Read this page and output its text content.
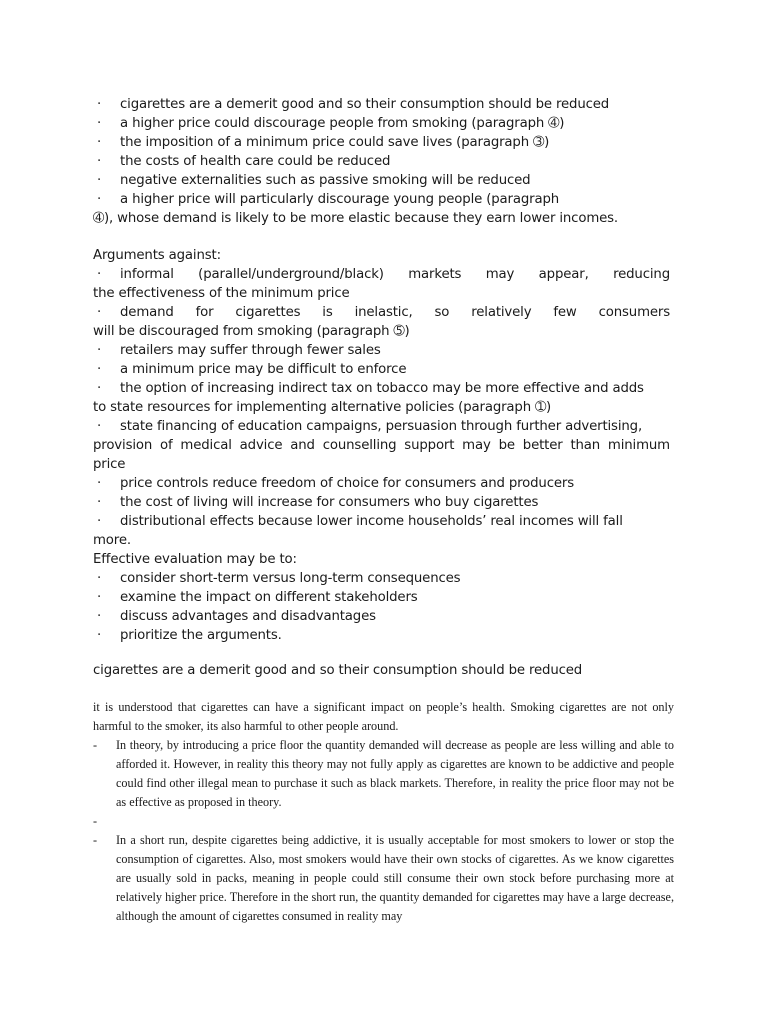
· cigarettes are a demerit good and so their consumption should be reduced

· a higher price could discourage people from smoking (paragraph ➃)

· the imposition of a minimum price could save lives (paragraph ➂)

· the costs of health care could be reduced

· negative externalities such as passive smoking will be reduced

· a higher price will particularly discourage young people (paragraph

➃), whose demand is likely to be more elastic because they earn lower incomes.

Arguments against:

· informal (parallel/underground/black) markets may appear, reducing

the effectiveness of the minimum price

· demand for cigarettes is inelastic, so relatively few consumers

will be discouraged from smoking (paragraph ➄)

· retailers may suffer through fewer sales

· a minimum price may be difficult to enforce

· the option of increasing indirect tax on tobacco may be more effective and adds

to state resources for implementing alternative policies (paragraph ➀)

· state financing of education campaigns, persuasion through further advertising,

provision of medical advice and counselling support may be better than minimum

price

· price controls reduce freedom of choice for consumers and producers

· the cost of living will increase for consumers who buy cigarettes

· distributional effects because lower income households’ real incomes will fall

more.

Effective evaluation may be to:

· consider short-term versus long-term consequences

· examine the impact on different stakeholders

· discuss advantages and disadvantages

· prioritize the arguments.

cigarettes are a demerit good and so their consumption should be reduced

it is understood that cigarettes can have a significant impact on people’s health. Smoking cigarettes are not only harmful to the smoker, its also harmful to other people around.

- In theory, by introducing a price floor the quantity demanded will decrease as people are less willing and able to afforded it. However, in reality this theory may not fully apply as cigarettes are known to be addictive and people could find other illegal mean to purchase it such as black markets. Therefore, in reality the price floor may not be as effective as proposed in theory.
-

- In a short run, despite cigarettes being addictive, it is usually acceptable for most smokers to lower or stop the consumption of cigarettes. Also, most smokers would have their own stocks of cigarettes. As we know cigarettes are usually sold in packs, meaning in people could still consume their own stock before purchasing more at relatively higher price. Therefore in the short run, the quantity demanded for cigarettes may have a large decrease, although the amount of cigarettes consumed in reality may
